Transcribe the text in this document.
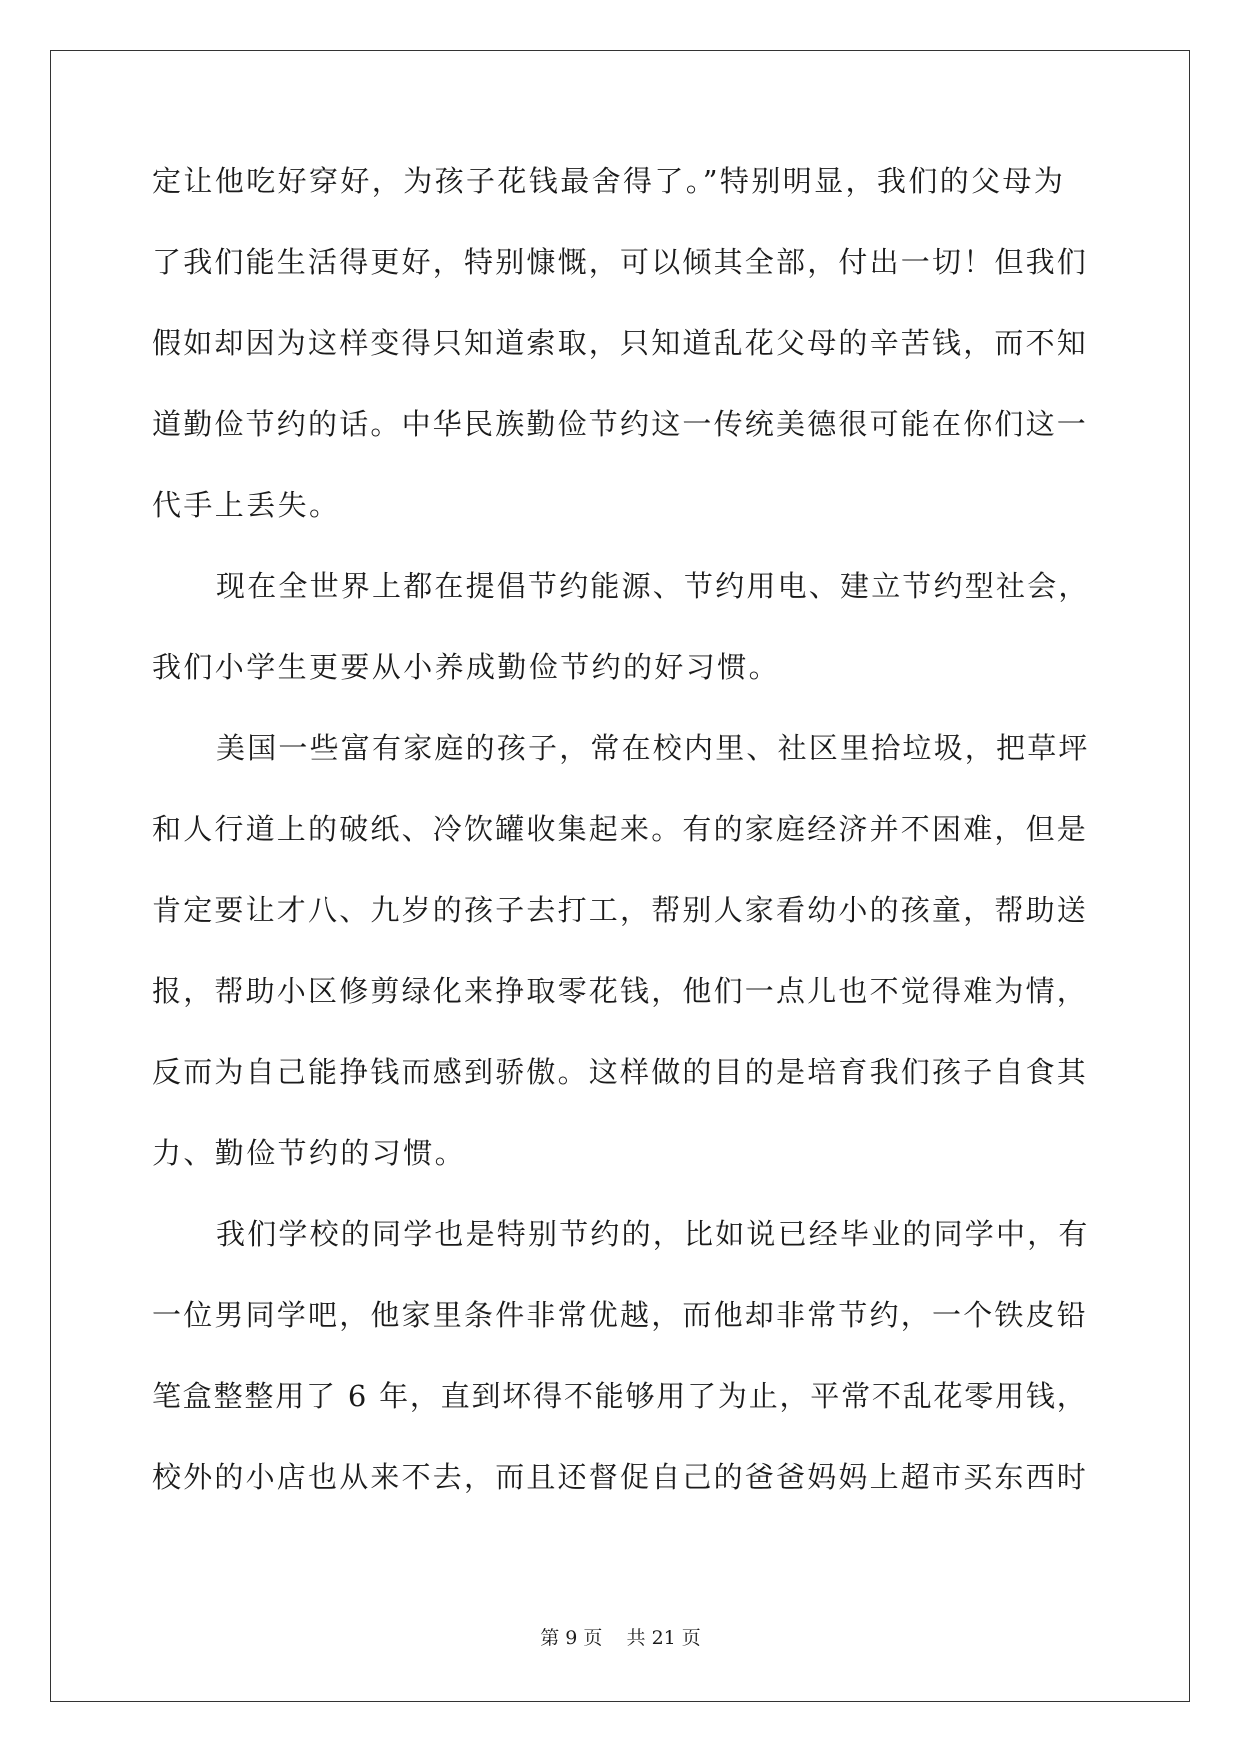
定让他吃好穿好，为孩子花钱最舍得了。”特别明显，我们的父母为
了我们能生活得更好，特别慷慨，可以倾其全部，付出一切！但我们
假如却因为这样变得只知道索取，只知道乱花父母的辛苦钱，而不知
道勤俭节约的话。中华民族勤俭节约这一传统美德很可能在你们这一
代手上丢失。
现在全世界上都在提倡节约能源、节约用电、建立节约型社会，
我们小学生更要从小养成勤俭节约的好习惯。
美国一些富有家庭的孩子，常在校内里、社区里拾垃圾，把草坪
和人行道上的破纸、冷饮罐收集起来。有的家庭经济并不困难，但是
肯定要让才八、九岁的孩子去打工，帮别人家看幼小的孩童，帮助送
报，帮助小区修剪绿化来挣取零花钱，他们一点儿也不觉得难为情，
反而为自己能挣钱而感到骄傲。这样做的目的是培育我们孩子自食其
力、勤俭节约的习惯。
我们学校的同学也是特别节约的，比如说已经毕业的同学中，有
一位男同学吧，他家里条件非常优越，而他却非常节约，一个铁皮铅
笔盒整整用了 6 年，直到坏得不能够用了为止，平常不乱花零用钱，
校外的小店也从来不去，而且还督促自己的爸爸妈妈上超市买东西时
第 9 页    共 21 页
